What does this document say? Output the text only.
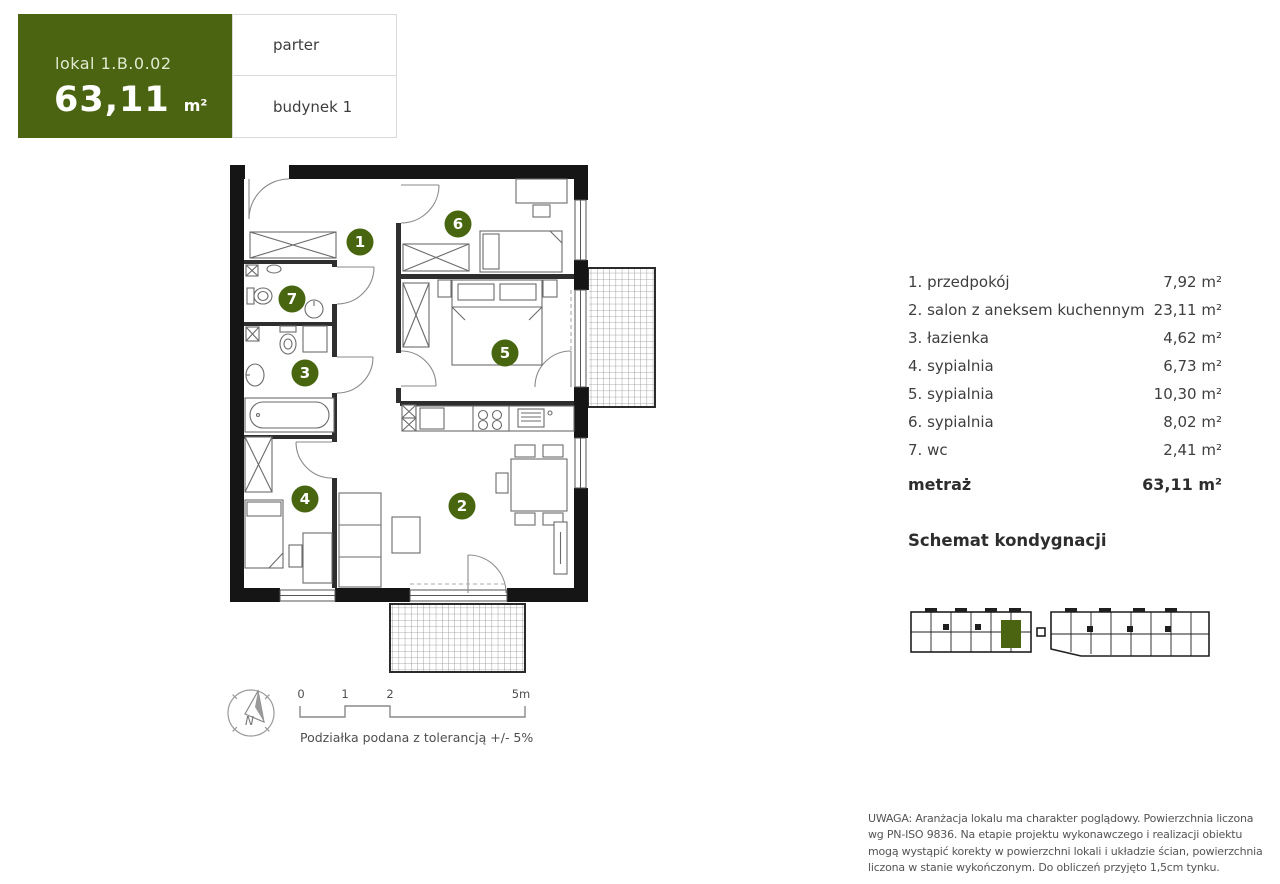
lokal 1.B.0.02
63,11 m²
parter
budynek 1
1
6
7
3
5
4	2
1. przedpokój	7,92 m²
2. salon z aneksem kuchennym 23,11 m²
3. łazienka	4,62 m²
4. sypialnia	6,73 m²
5. sypialnia	10,30 m²
6. sypialnia	8,02 m²
7. wc	2,41 m²
metraż	63,11 m²
Schemat kondygnacji
N
0	1	2	5m
Podziałka podana z tolerancją +/- 5%
UWAGA: Aranżacja lokalu ma charakter poglądowy. Powierzchnia liczona wg PN-ISO 9836. Na etapie projektu wykonawczego i realizacji obiektu mogą wystąpić korekty w powierzchni lokali i układzie ścian, powierzchnia liczona w stanie wykończonym. Do obliczeń przyjęto 1,5cm tynku.
